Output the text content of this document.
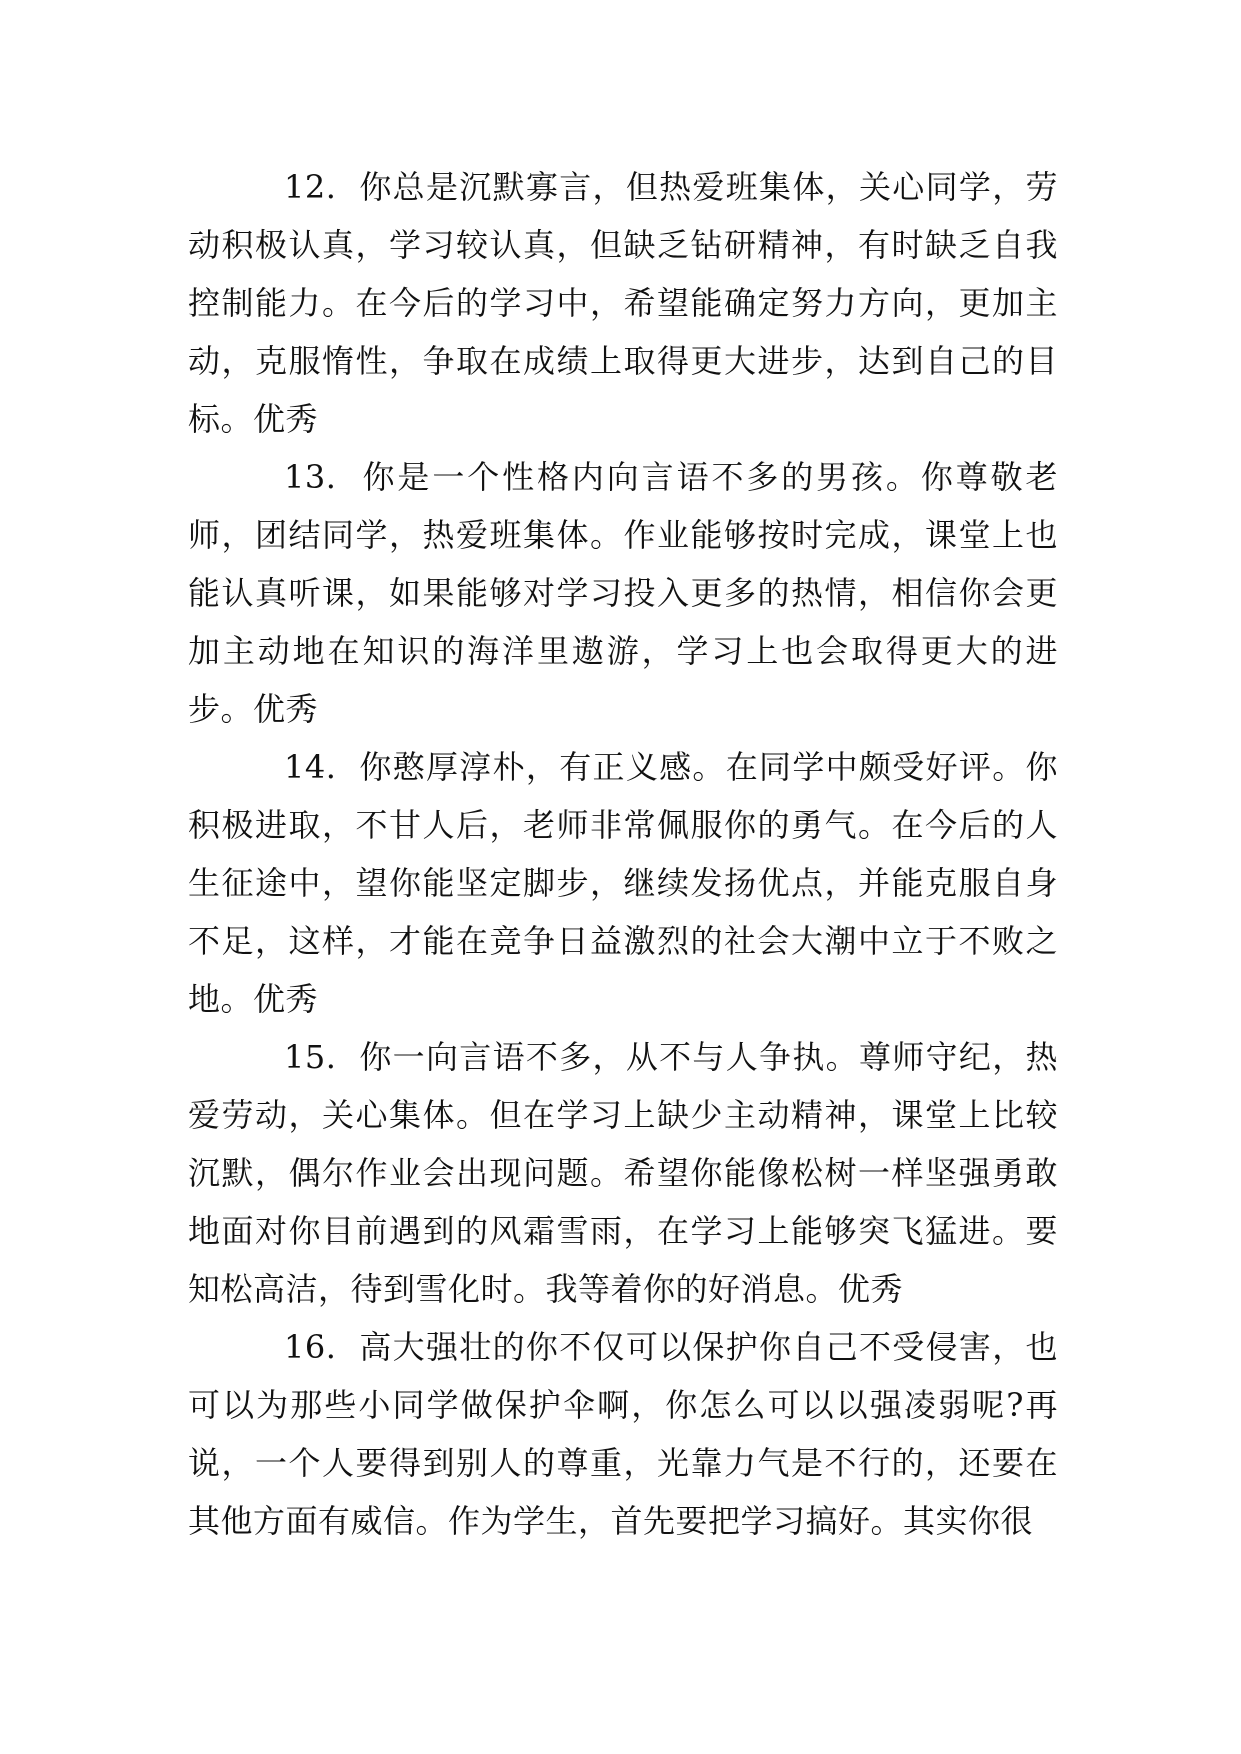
12. 你总是沉默寡言，但热爱班集体，关心同学，劳动积极认真，学习较认真，但缺乏钻研精神，有时缺乏自我控制能力。在今后的学习中，希望能确定努力方向，更加主动，克服惰性，争取在成绩上取得更大进步，达到自己的目标。优秀

13. 你是一个性格内向言语不多的男孩。你尊敬老师，团结同学，热爱班集体。作业能够按时完成，课堂上也能认真听课，如果能够对学习投入更多的热情，相信你会更加主动地在知识的海洋里遨游，学习上也会取得更大的进步。优秀

14. 你憨厚淳朴，有正义感。在同学中颇受好评。你积极进取，不甘人后，老师非常佩服你的勇气。在今后的人生征途中，望你能坚定脚步，继续发扬优点，并能克服自身不足，这样，才能在竞争日益激烈的社会大潮中立于不败之地。优秀

15. 你一向言语不多，从不与人争执。尊师守纪，热爱劳动，关心集体。但在学习上缺少主动精神，课堂上比较沉默，偶尔作业会出现问题。希望你能像松树一样坚强勇敢地面对你目前遇到的风霜雪雨，在学习上能够突飞猛进。要知松高洁，待到雪化时。我等着你的好消息。优秀

16. 高大强壮的你不仅可以保护你自己不受侵害，也可以为那些小同学做保护伞啊，你怎么可以以强凌弱呢?再说，一个人要得到别人的尊重，光靠力气是不行的，还要在其他方面有威信。作为学生，首先要把学习搞好。其实你很
